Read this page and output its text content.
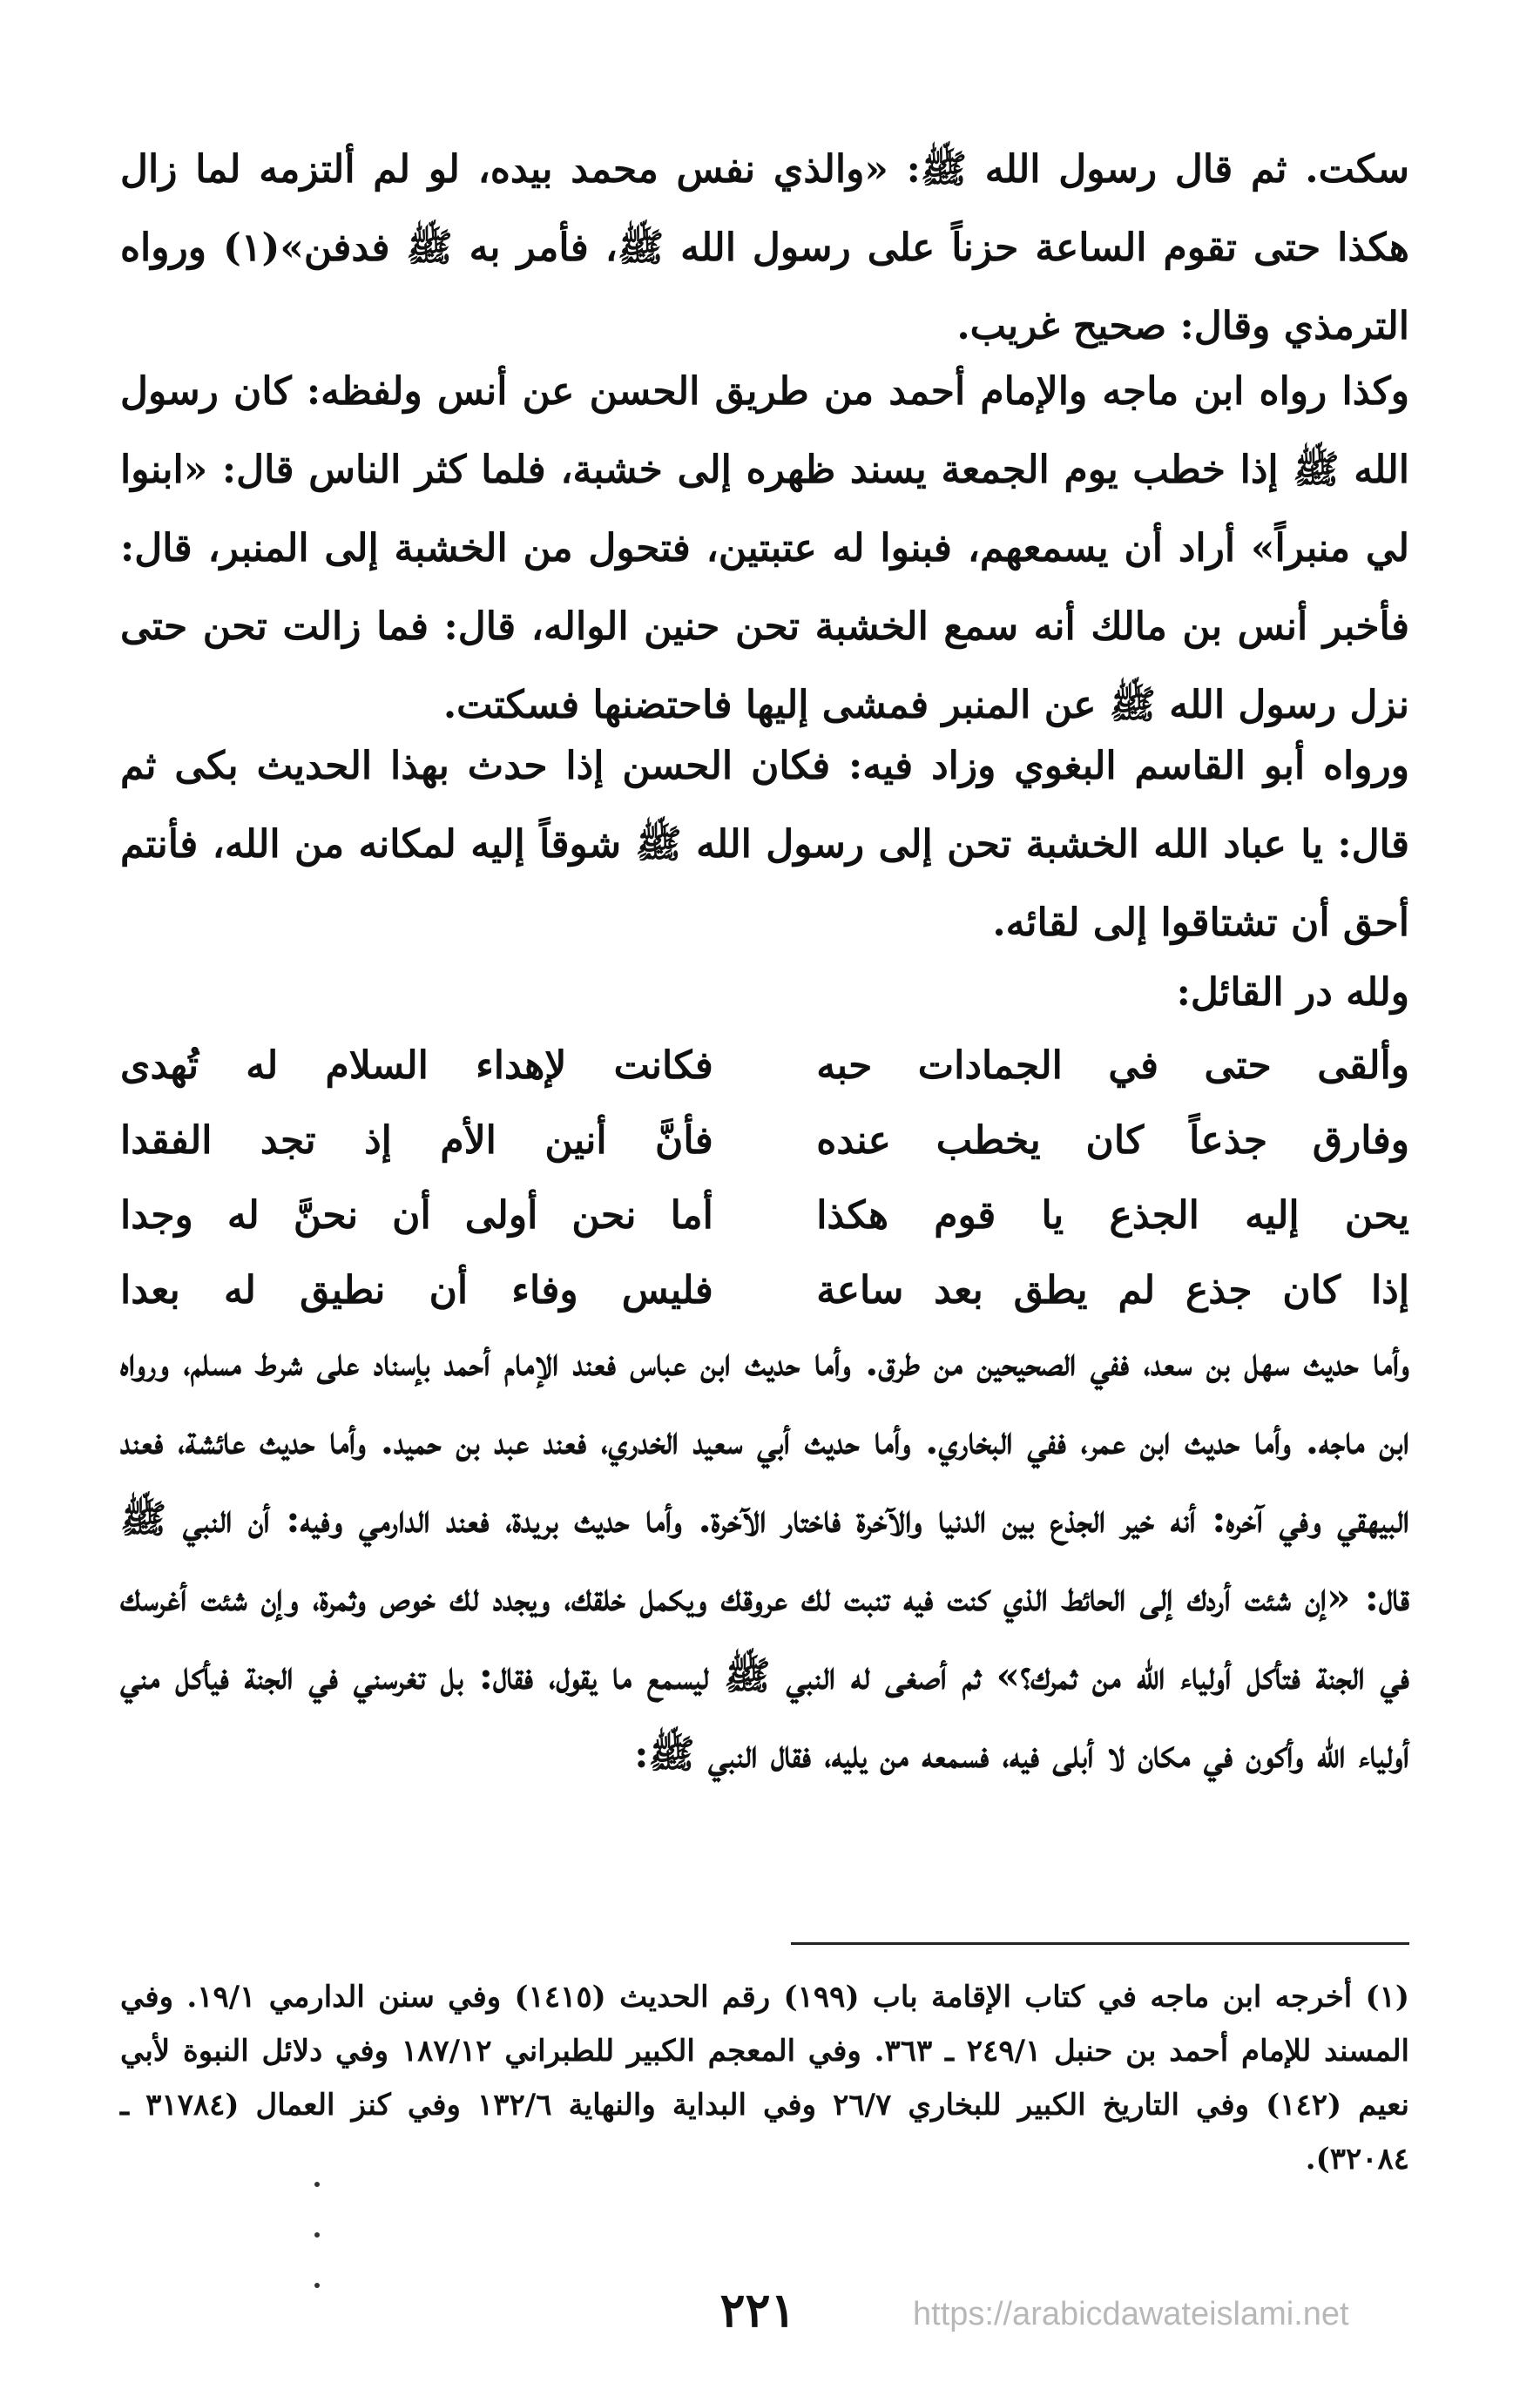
سكت. ثم قال رسول الله ﷺ: «والذي نفس محمد بيده، لو لم ألتزمه لما زال هكذا حتى تقوم الساعة حزناً على رسول الله ﷺ، فأمر به ﷺ فدفن»(١) ورواه الترمذي وقال: صحيح غريب.

وكذا رواه ابن ماجه والإمام أحمد من طريق الحسن عن أنس ولفظه: كان رسول الله ﷺ إذا خطب يوم الجمعة يسند ظهره إلى خشبة، فلما كثر الناس قال: «ابنوا لي منبراً» أراد أن يسمعهم، فبنوا له عتبتين، فتحول من الخشبة إلى المنبر، قال: فأخبر أنس بن مالك أنه سمع الخشبة تحن حنين الواله، قال: فما زالت تحن حتى نزل رسول الله ﷺ عن المنبر فمشى إليها فاحتضنها فسكتت.

ورواه أبو القاسم البغوي وزاد فيه: فكان الحسن إذا حدث بهذا الحديث بكى ثم قال: يا عباد الله الخشبة تحن إلى رسول الله ﷺ شوقاً إليه لمكانه من الله، فأنتم أحق أن تشتاقوا إلى لقائه.

ولله در القائل:

وألقى حتى في الجمادات حبه
فكانت لإهداء السلام له تُهدى
وفارق جذعاً كان يخطب عنده
فأنَّ أنين الأم إذ تجد الفقدا
يحن إليه الجذع يا قوم هكذا
أما نحن أولى أن نحنَّ له وجدا
إذا كان جذع لم يطق بعد ساعة
فليس وفاء أن نطيق له بعدا

وأما حديث سهل بن سعد، ففي الصحيحين من طرق. وأما حديث ابن عباس فعند الإمام أحمد بإسناد على شرط مسلم، ورواه ابن ماجه. وأما حديث ابن عمر، ففي البخاري. وأما حديث أبي سعيد الخدري، فعند عبد بن حميد. وأما حديث عائشة، فعند البيهقي وفي آخره: أنه خير الجذع بين الدنيا والآخرة فاختار الآخرة. وأما حديث بريدة، فعند الدارمي وفيه: أن النبي ﷺ قال: «إن شئت أردك إلى الحائط الذي كنت فيه تنبت لك عروقك ويكمل خلقك، ويجدد لك خوص وثمرة، وإن شئت أغرسك في الجنة فتأكل أولياء الله من ثمرك؟» ثم أصغى له النبي ﷺ ليسمع ما يقول، فقال: بل تغرسني في الجنة فيأكل مني أولياء الله وأكون في مكان لا أبلى فيه، فسمعه من يليه، فقال النبي ﷺ:

(١) أخرجه ابن ماجه في كتاب الإقامة باب (١٩٩) رقم الحديث (١٤١٥) وفي سنن الدارمي ١٩/١. وفي المسند للإمام أحمد بن حنبل ٢٤٩/١ ـ ٣٦٣. وفي المعجم الكبير للطبراني ١٨٧/١٢ وفي دلائل النبوة لأبي نعيم (١٤٢) وفي التاريخ الكبير للبخاري ٢٦/٧ وفي البداية والنهاية ١٣٢/٦ وفي كنز العمال (٣١٧٨٤ ـ ٣٢٠٨٤).

٢٢١	https://arabicdawateislami.net
